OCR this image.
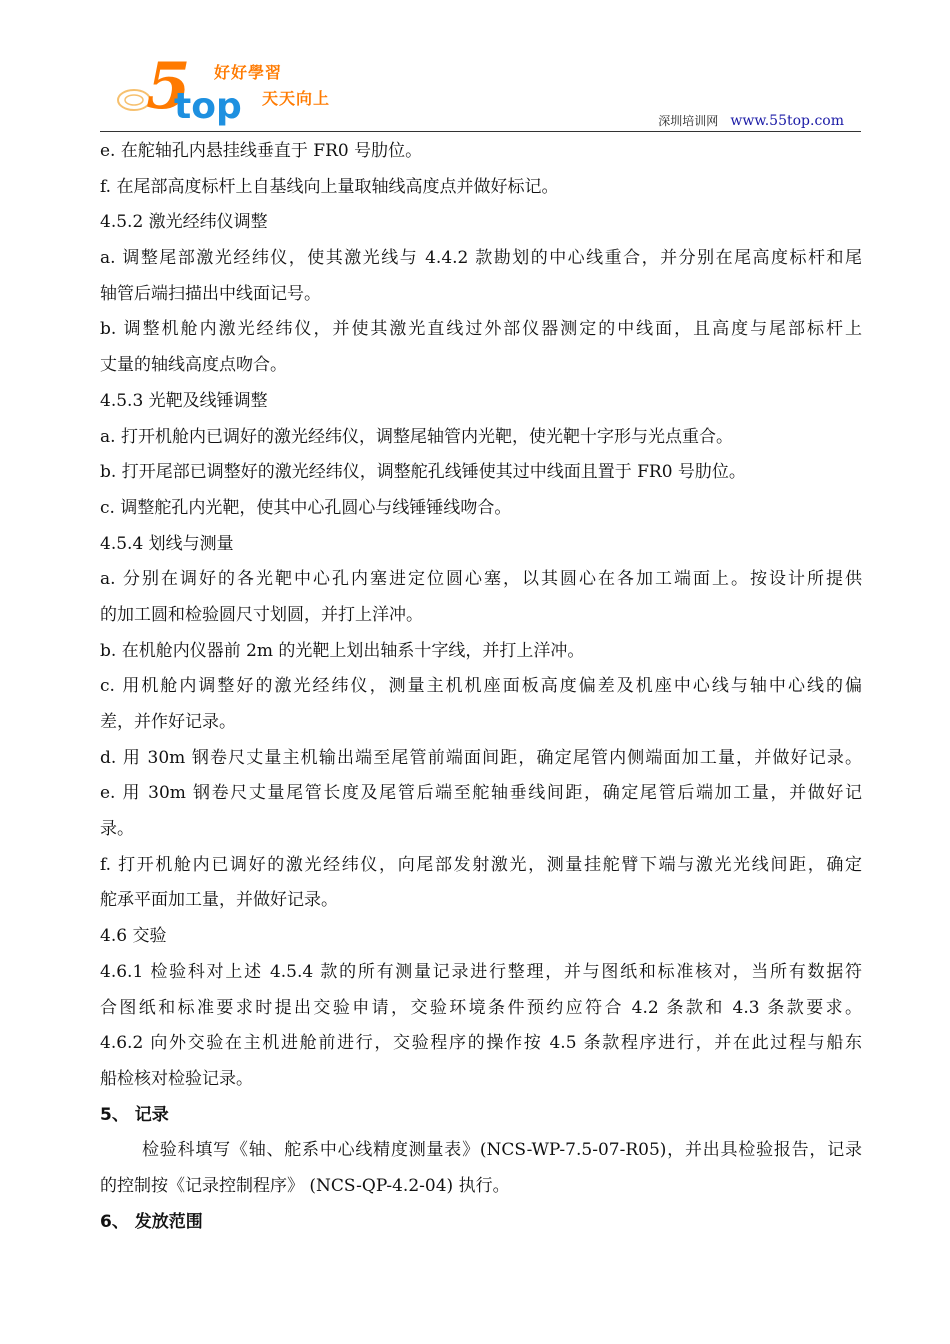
5
top
好好學習
天天向上
深圳培训网 www.55top.com
e. 在舵轴孔内悬挂线垂直于 FR0 号肋位。
f. 在尾部高度标杆上自基线向上量取轴线高度点并做好标记。
4.5.2 激光经纬仪调整
a. 调整尾部激光经纬仪，使其激光线与 4.4.2 款勘划的中心线重合，并分别在尾高度标杆和尾
轴管后端扫描出中线面记号。
b. 调整机舱内激光经纬仪，并使其激光直线过外部仪器测定的中线面，且高度与尾部标杆上
丈量的轴线高度点吻合。
4.5.3 光靶及线锤调整
a. 打开机舱内已调好的激光经纬仪，调整尾轴管内光靶，使光靶十字形与光点重合。
b. 打开尾部已调整好的激光经纬仪，调整舵孔线锤使其过中线面且置于 FR0 号肋位。
c. 调整舵孔内光靶，使其中心孔圆心与线锤锤线吻合。
4.5.4 划线与测量
a. 分别在调好的各光靶中心孔内塞进定位圆心塞，以其圆心在各加工端面上。按设计所提供
的加工圆和检验圆尺寸划圆，并打上洋冲。
b. 在机舱内仪器前 2m 的光靶上划出轴系十字线，并打上洋冲。
c. 用机舱内调整好的激光经纬仪，测量主机机座面板高度偏差及机座中心线与轴中心线的偏
差，并作好记录。
d. 用 30m 钢卷尺丈量主机输出端至尾管前端面间距，确定尾管内侧端面加工量，并做好记录。
e. 用 30m 钢卷尺丈量尾管长度及尾管后端至舵轴垂线间距，确定尾管后端加工量，并做好记
录。
f. 打开机舱内已调好的激光经纬仪，向尾部发射激光，测量挂舵臂下端与激光光线间距，确定
舵承平面加工量，并做好记录。
4.6 交验
4.6.1 检验科对上述 4.5.4 款的所有测量记录进行整理，并与图纸和标准核对，当所有数据符
合图纸和标准要求时提出交验申请，交验环境条件预约应符合 4.2 条款和 4.3 条款要求。
4.6.2 向外交验在主机进舱前进行，交验程序的操作按 4.5 条款程序进行，并在此过程与船东
船检核对检验记录。
5、 记录
检验科填写《轴、舵系中心线精度测量表》(NCS-WP-7.5-07-R05)，并出具检验报告，记录
的控制按《记录控制程序》 (NCS-QP-4.2-04) 执行。
6、 发放范围
